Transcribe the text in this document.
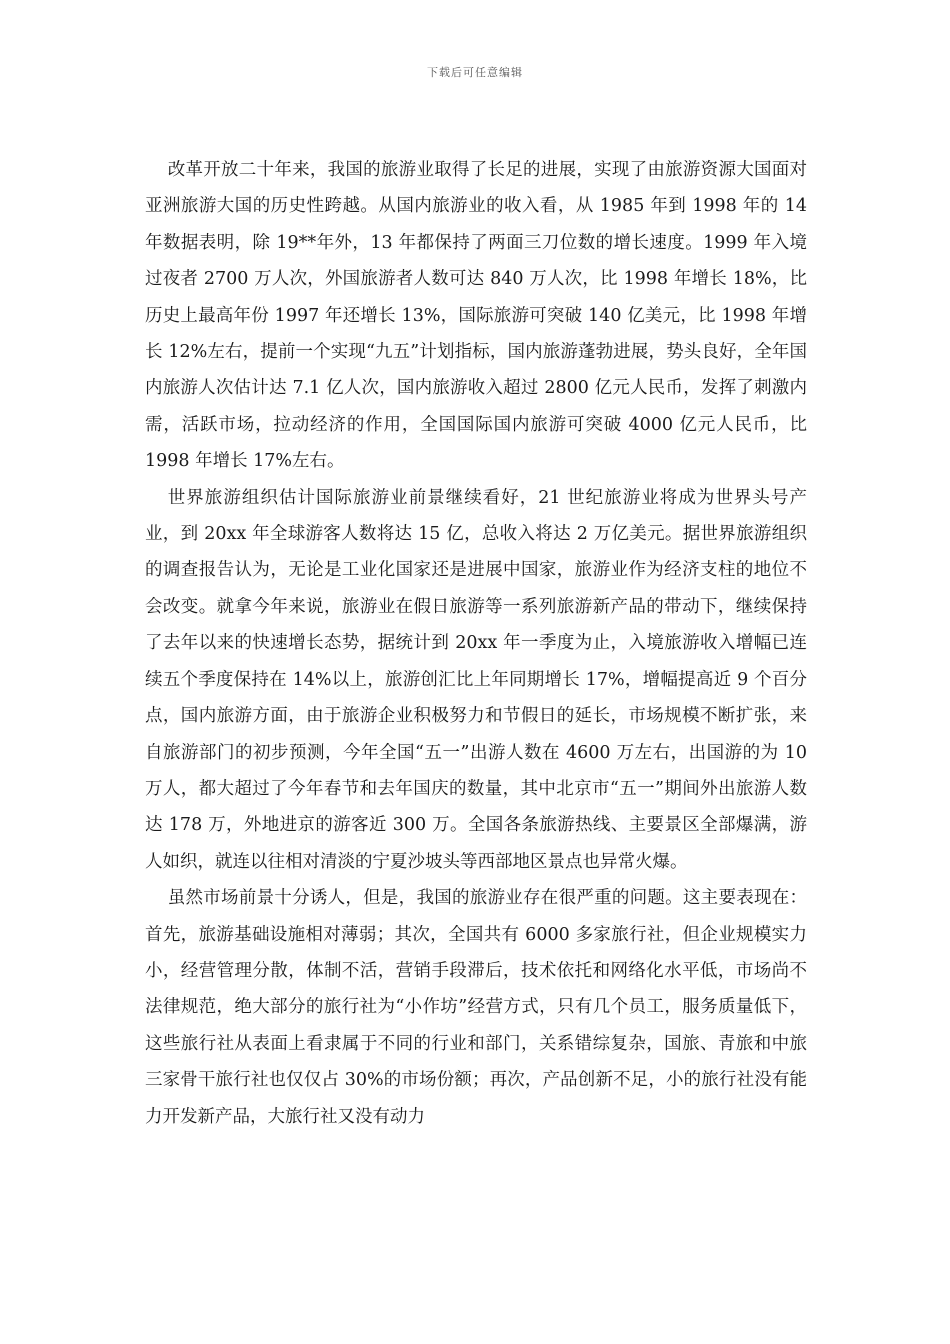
下载后可任意编辑

改革开放二十年来，我国的旅游业取得了长足的进展，实现了由旅游资源大国面对亚洲旅游大国的历史性跨越。从国内旅游业的收入看，从 1985 年到 1998 年的 14 年数据表明，除 19**年外，13 年都保持了两面三刀位数的增长速度。1999 年入境过夜者 2700 万人次，外国旅游者人数可达 840 万人次，比 1998 年增长 18%，比历史上最高年份 1997 年还增长 13%，国际旅游可突破 140 亿美元，比 1998 年增长 12%左右，提前一个实现“九五”计划指标，国内旅游蓬勃进展，势头良好，全年国内旅游人次估计达 7.1 亿人次，国内旅游收入超过 2800 亿元人民币，发挥了刺激内需，活跃市场，拉动经济的作用，全国国际国内旅游可突破 4000 亿元人民币，比 1998 年增长 17%左右。

世界旅游组织估计国际旅游业前景继续看好，21 世纪旅游业将成为世界头号产业，到 20xx 年全球游客人数将达 15 亿，总收入将达 2 万亿美元。据世界旅游组织的调查报告认为，无论是工业化国家还是进展中国家，旅游业作为经济支柱的地位不会改变。就拿今年来说，旅游业在假日旅游等一系列旅游新产品的带动下，继续保持了去年以来的快速增长态势，据统计到 20xx 年一季度为止，入境旅游收入增幅已连续五个季度保持在 14%以上，旅游创汇比上年同期增长 17%，增幅提高近 9 个百分点，国内旅游方面，由于旅游企业积极努力和节假日的延长，市场规模不断扩张，来自旅游部门的初步预测，今年全国“五一”出游人数在 4600 万左右，出国游的为 10 万人，都大超过了今年春节和去年国庆的数量，其中北京市“五一”期间外出旅游人数达 178 万，外地进京的游客近 300 万。全国各条旅游热线、主要景区全部爆满，游人如织，就连以往相对清淡的宁夏沙坡头等西部地区景点也异常火爆。

虽然市场前景十分诱人，但是，我国的旅游业存在很严重的问题。这主要表现在：首先，旅游基础设施相对薄弱；其次，全国共有 6000 多家旅行社，但企业规模实力小，经营管理分散，体制不活，营销手段滞后，技术依托和网络化水平低，市场尚不法律规范，绝大部分的旅行社为“小作坊”经营方式，只有几个员工，服务质量低下，这些旅行社从表面上看隶属于不同的行业和部门，关系错综复杂，国旅、青旅和中旅三家骨干旅行社也仅仅占 30%的市场份额；再次，产品创新不足，小的旅行社没有能力开发新产品，大旅行社又没有动力
